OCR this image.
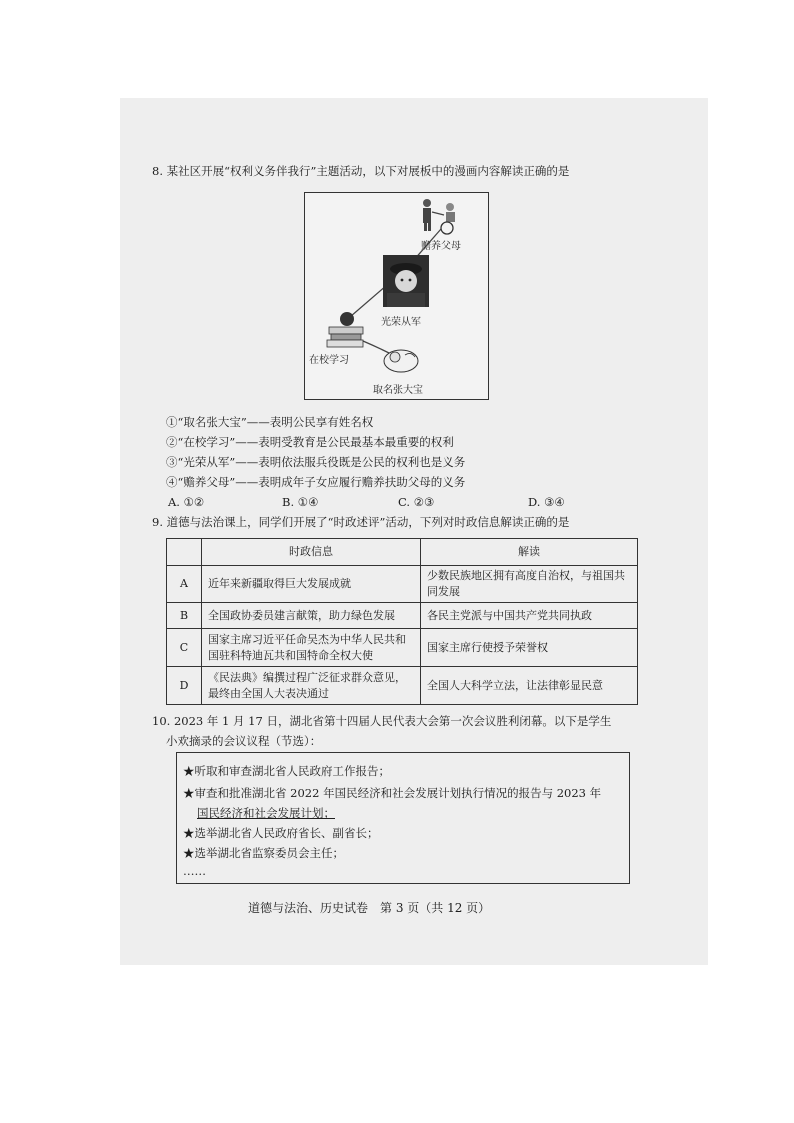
8. 某社区开展“权利义务伴我行”主题活动，以下对展板中的漫画内容解读正确的是
赡养父母
光荣从军
在校学习
取名张大宝
①“取名张大宝”——表明公民享有姓名权
②“在校学习”——表明受教育是公民最基本最重要的权利
③“光荣从军”——表明依法服兵役既是公民的权利也是义务
④“赡养父母”——表明成年子女应履行赡养扶助父母的义务
A. ①②	B. ①④	C. ②③	D. ③④
9. 道德与法治课上，同学们开展了“时政述评”活动，下列对时政信息解读正确的是
	时政信息	解读
A	近年来新疆取得巨大发展成就	少数民族地区拥有高度自治权，与祖国共同发展
B	全国政协委员建言献策，助力绿色发展	各民主党派与中国共产党共同执政
C	国家主席习近平任命吴杰为中华人民共和国驻科特迪瓦共和国特命全权大使	国家主席行使授予荣誉权
D	《民法典》编撰过程广泛征求群众意见，最终由全国人大表决通过	全国人大科学立法，让法律彰显民意
10. 2023 年 1 月 17 日，湖北省第十四届人民代表大会第一次会议胜利闭幕。以下是学生
小欢摘录的会议议程（节选）：
★听取和审查湖北省人民政府工作报告；
★审查和批准湖北省 2022 年国民经济和社会发展计划执行情况的报告与 2023 年
国民经济和社会发展计划；
★选举湖北省人民政府省长、副省长；
★选举湖北省监察委员会主任；
……
道德与法治、历史试卷　第 3 页（共 12 页）
